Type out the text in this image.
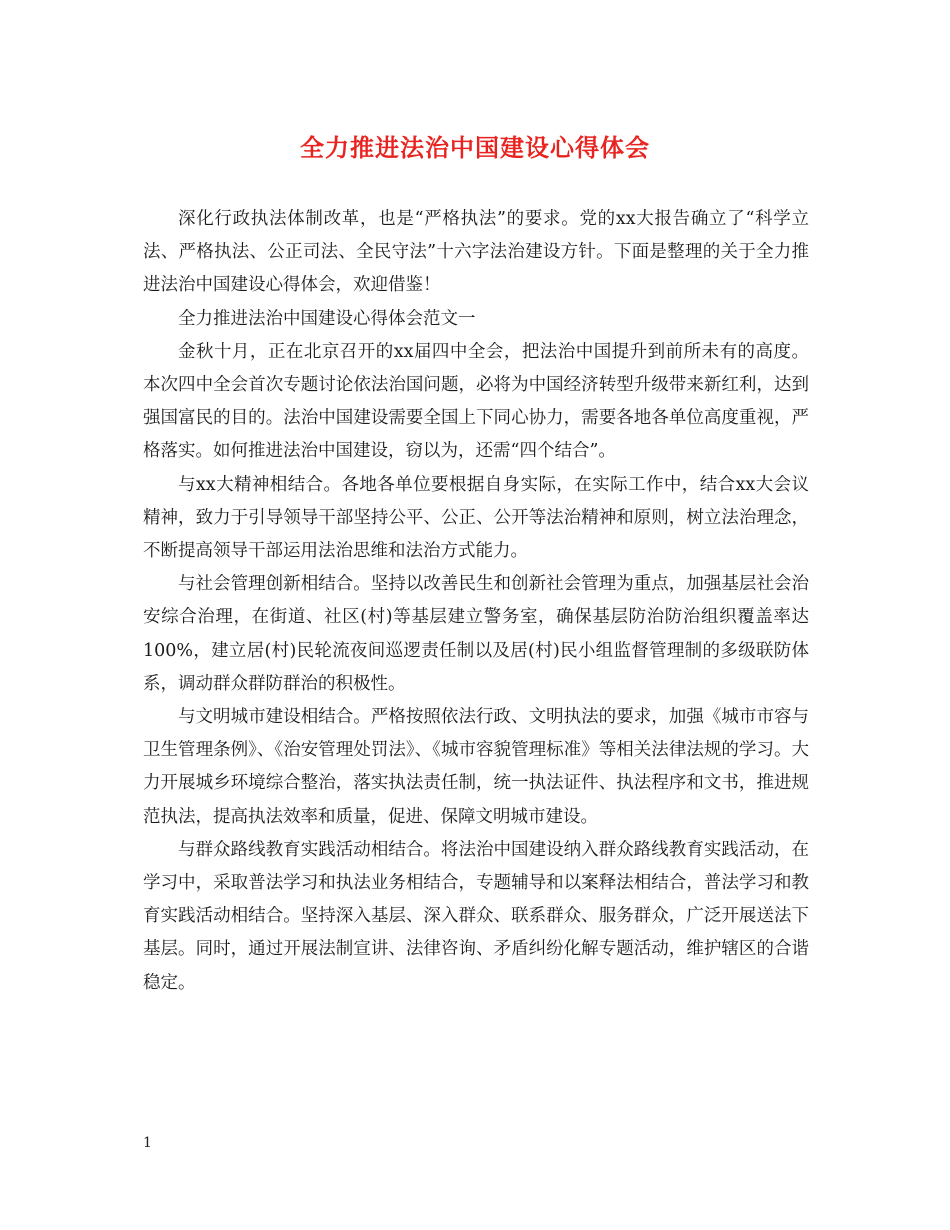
全力推进法治中国建设心得体会

深化行政执法体制改革，也是“严格执法”的要求。党的xx大报告确立了“科学立法、严格执法、公正司法、全民守法”十六字法治建设方针。下面是整理的关于全力推进法治中国建设心得体会，欢迎借鉴！

全力推进法治中国建设心得体会范文一

金秋十月，正在北京召开的xx届四中全会，把法治中国提升到前所未有的高度。本次四中全会首次专题讨论依法治国问题，必将为中国经济转型升级带来新红利，达到强国富民的目的。法治中国建设需要全国上下同心协力，需要各地各单位高度重视，严格落实。如何推进法治中国建设，窃以为，还需“四个结合”。

与xx大精神相结合。各地各单位要根据自身实际，在实际工作中，结合xx大会议精神，致力于引导领导干部坚持公平、公正、公开等法治精神和原则，树立法治理念，不断提高领导干部运用法治思维和法治方式能力。

与社会管理创新相结合。坚持以改善民生和创新社会管理为重点，加强基层社会治安综合治理，在街道、社区(村)等基层建立警务室，确保基层防治防治组织覆盖率达100%，建立居(村)民轮流夜间巡逻责任制以及居(村)民小组监督管理制的多级联防体系，调动群众群防群治的积极性。

与文明城市建设相结合。严格按照依法行政、文明执法的要求，加强《城市市容与卫生管理条例》、《治安管理处罚法》、《城市容貌管理标准》等相关法律法规的学习。大力开展城乡环境综合整治，落实执法责任制，统一执法证件、执法程序和文书，推进规范执法，提高执法效率和质量，促进、保障文明城市建设。

与群众路线教育实践活动相结合。将法治中国建设纳入群众路线教育实践活动，在学习中，采取普法学习和执法业务相结合，专题辅导和以案释法相结合，普法学习和教育实践活动相结合。坚持深入基层、深入群众、联系群众、服务群众，广泛开展送法下基层。同时，通过开展法制宣讲、法律咨询、矛盾纠纷化解专题活动，维护辖区的合谐稳定。

1
